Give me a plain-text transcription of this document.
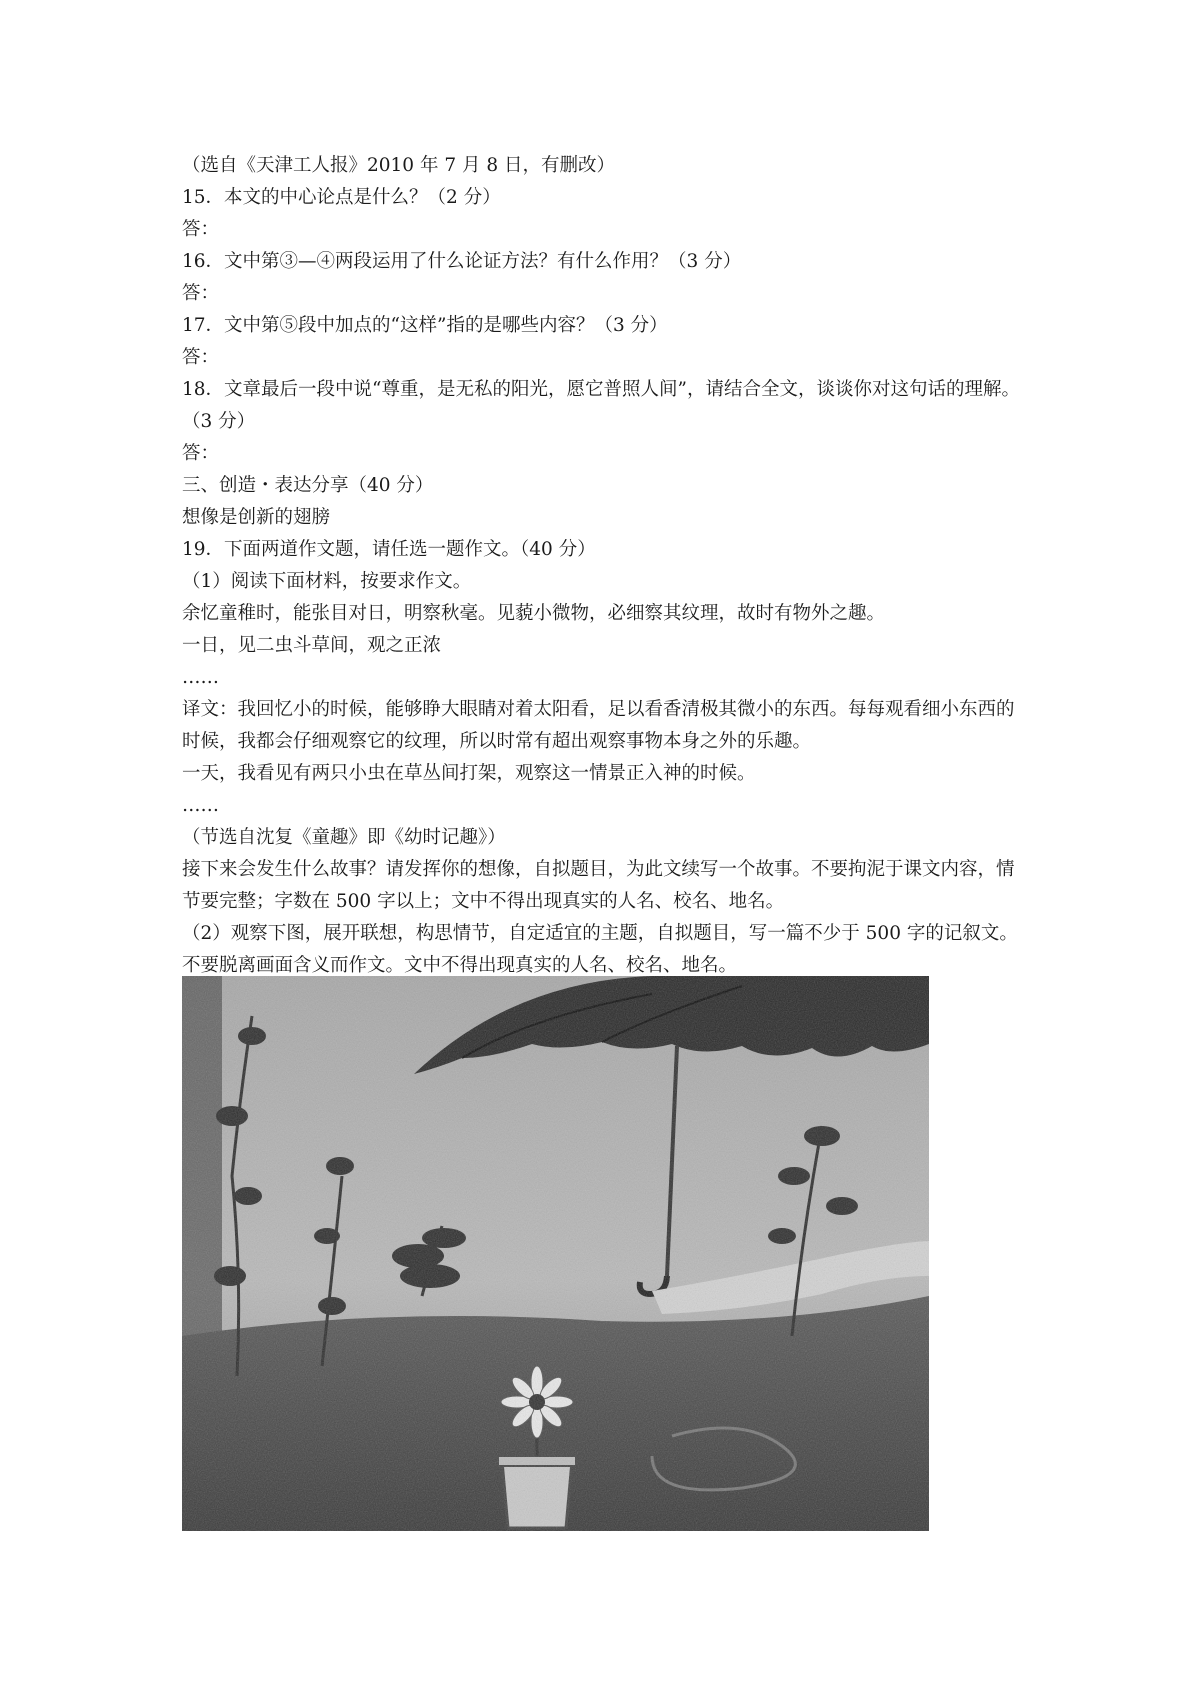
（选自《天津工人报》2010 年 7 月 8 日，有删改）

15．本文的中心论点是什么？（2 分）

答：

16．文中第③—④两段运用了什么论证方法？有什么作用？（3 分）

答：

17．文中第⑤段中加点的“这样”指的是哪些内容？（3 分）

答：

18．文章最后一段中说“尊重，是无私的阳光，愿它普照人间”，请结合全文，谈谈你对这句话的理解。（3 分）

答：

三、创造・表达分享（40 分）

想像是创新的翅膀

19．下面两道作文题，请任选一题作文。（40 分）

（1）阅读下面材料，按要求作文。

余忆童稚时，能张目对日，明察秋毫。见藐小微物，必细察其纹理，故时有物外之趣。

一日，见二虫斗草间，观之正浓

……

译文：我回忆小的时候，能够睁大眼睛对着太阳看，足以看香清极其微小的东西。每每观看细小东西的时候，我都会仔细观察它的纹理，所以时常有超出观察事物本身之外的乐趣。

一天，我看见有两只小虫在草丛间打架，观察这一情景正入神的时候。

……

（节选自沈复《童趣》即《幼时记趣》）

接下来会发生什么故事？请发挥你的想像，自拟题目，为此文续写一个故事。不要拘泥于课文内容，情节要完整；字数在 500 字以上；文中不得出现真实的人名、校名、地名。

（2）观察下图，展开联想，构思情节，自定适宜的主题，自拟题目，写一篇不少于 500 字的记叙文。不要脱离画面含义而作文。文中不得出现真实的人名、校名、地名。
